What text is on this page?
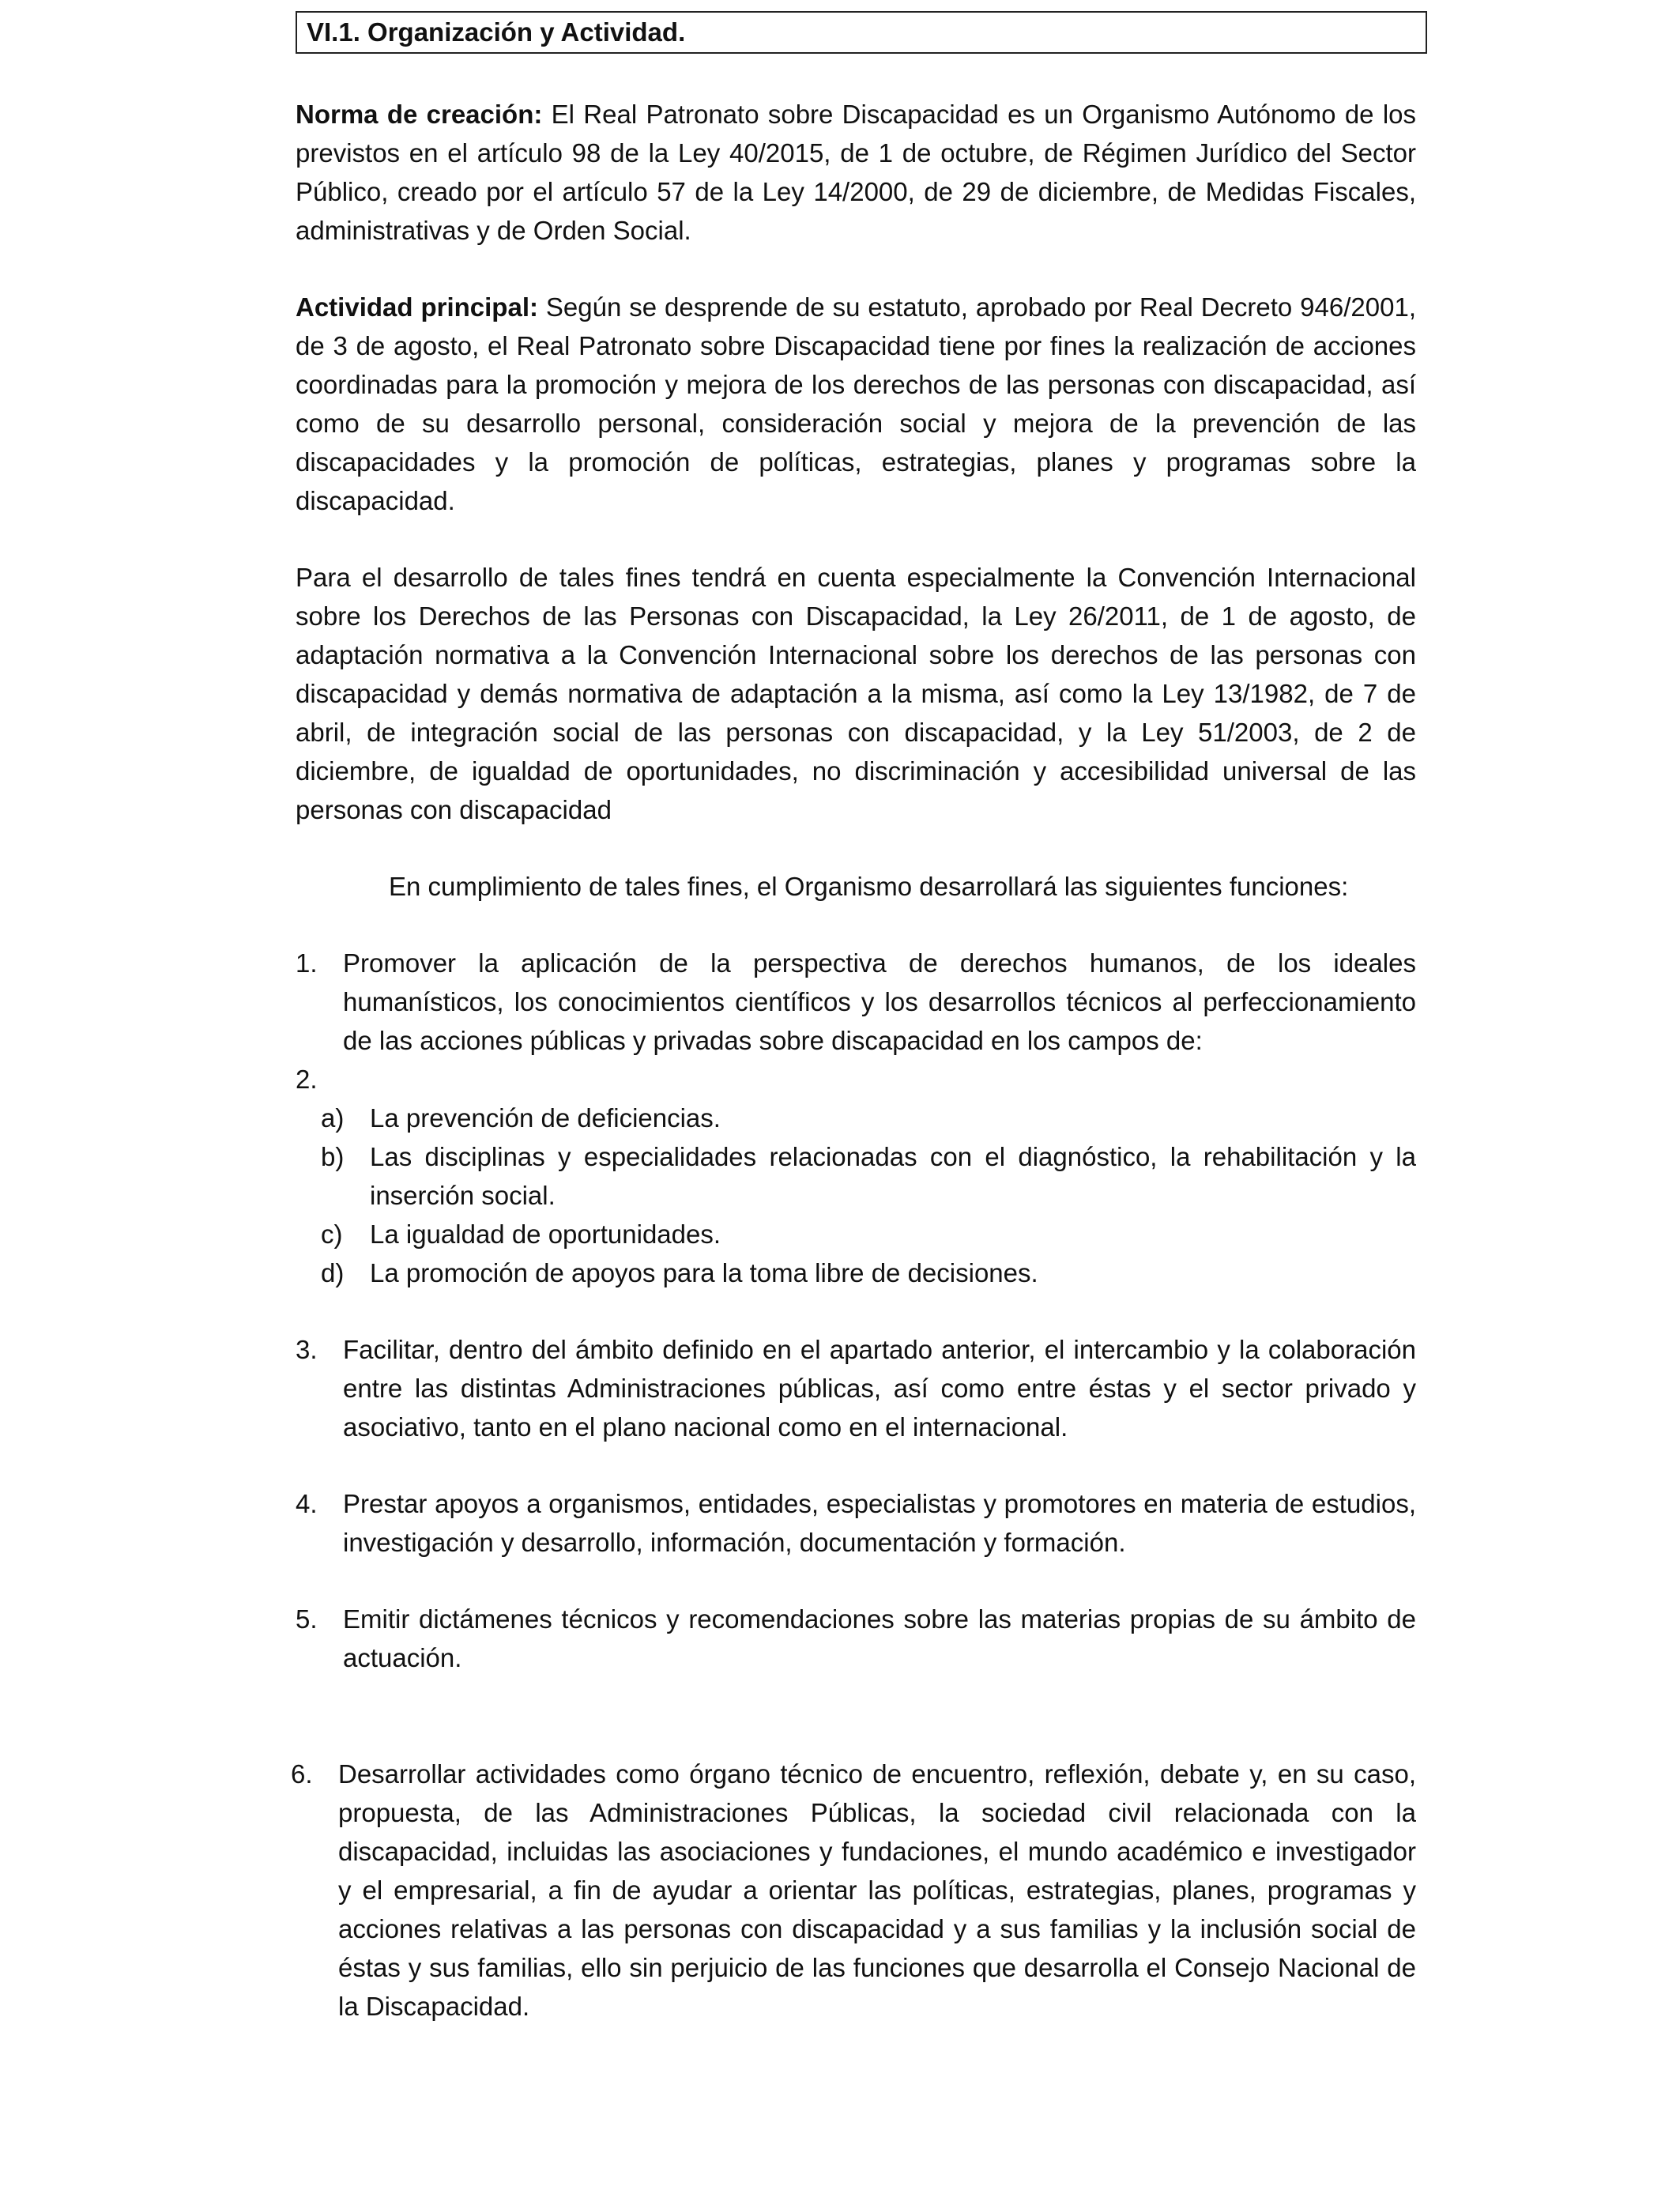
VI.1. Organización y Actividad.

Norma de creación: El Real Patronato sobre Discapacidad es un Organismo Autónomo de los previstos en el artículo 98 de la Ley 40/2015, de 1 de octubre, de Régimen Jurídico del Sector Público, creado por el artículo 57 de la Ley 14/2000, de 29 de diciembre, de Medidas Fiscales, administrativas y de Orden Social.

Actividad principal: Según se desprende de su estatuto, aprobado por Real Decreto 946/2001, de 3 de agosto, el Real Patronato sobre Discapacidad tiene por fines la realización de acciones coordinadas para la promoción y mejora de los derechos de las personas con discapacidad, así como de su desarrollo personal, consideración social y mejora de la prevención de las discapacidades y la promoción de políticas, estrategias, planes y programas sobre la discapacidad.

Para el desarrollo de tales fines tendrá en cuenta especialmente la Convención Internacional sobre los Derechos de las Personas con Discapacidad, la Ley 26/2011, de 1 de agosto, de adaptación normativa a la Convención Internacional sobre los derechos de las personas con discapacidad y demás normativa de adaptación a la misma, así como la Ley 13/1982, de 7 de abril, de integración social de las personas con discapacidad, y la Ley 51/2003, de 2 de diciembre, de igualdad de oportunidades, no discriminación y accesibilidad universal de las personas con discapacidad

En cumplimiento de tales fines, el Organismo desarrollará las siguientes funciones:

1. Promover la aplicación de la perspectiva de derechos humanos, de los ideales humanísticos, los conocimientos científicos y los desarrollos técnicos al perfeccionamiento de las acciones públicas y privadas sobre discapacidad en los campos de:
2.
a) La prevención de deficiencias.
b) Las disciplinas y especialidades relacionadas con el diagnóstico, la rehabilitación y la inserción social.
c)	La igualdad de oportunidades.
d) La promoción de apoyos para la toma libre de decisiones.
3. Facilitar, dentro del ámbito definido en el apartado anterior, el intercambio y la colaboración entre las distintas Administraciones públicas, así como entre éstas y el sector privado y asociativo, tanto en el plano nacional como en el internacional.
4. Prestar apoyos a organismos, entidades, especialistas y promotores en materia de estudios, investigación y desarrollo, información, documentación y formación.
5. Emitir dictámenes técnicos y recomendaciones sobre las materias propias de su ámbito de actuación.
6. Desarrollar actividades como órgano técnico de encuentro, reflexión, debate y, en su caso, propuesta, de las Administraciones Públicas, la sociedad civil relacionada con la discapacidad, incluidas las asociaciones y fundaciones, el mundo académico e investigador y el empresarial, a fin de ayudar a orientar las políticas, estrategias, planes, programas y acciones relativas a las personas con discapacidad y a sus familias y la inclusión social de éstas y sus familias, ello sin perjuicio de las funciones que desarrolla el Consejo Nacional de la Discapacidad.
